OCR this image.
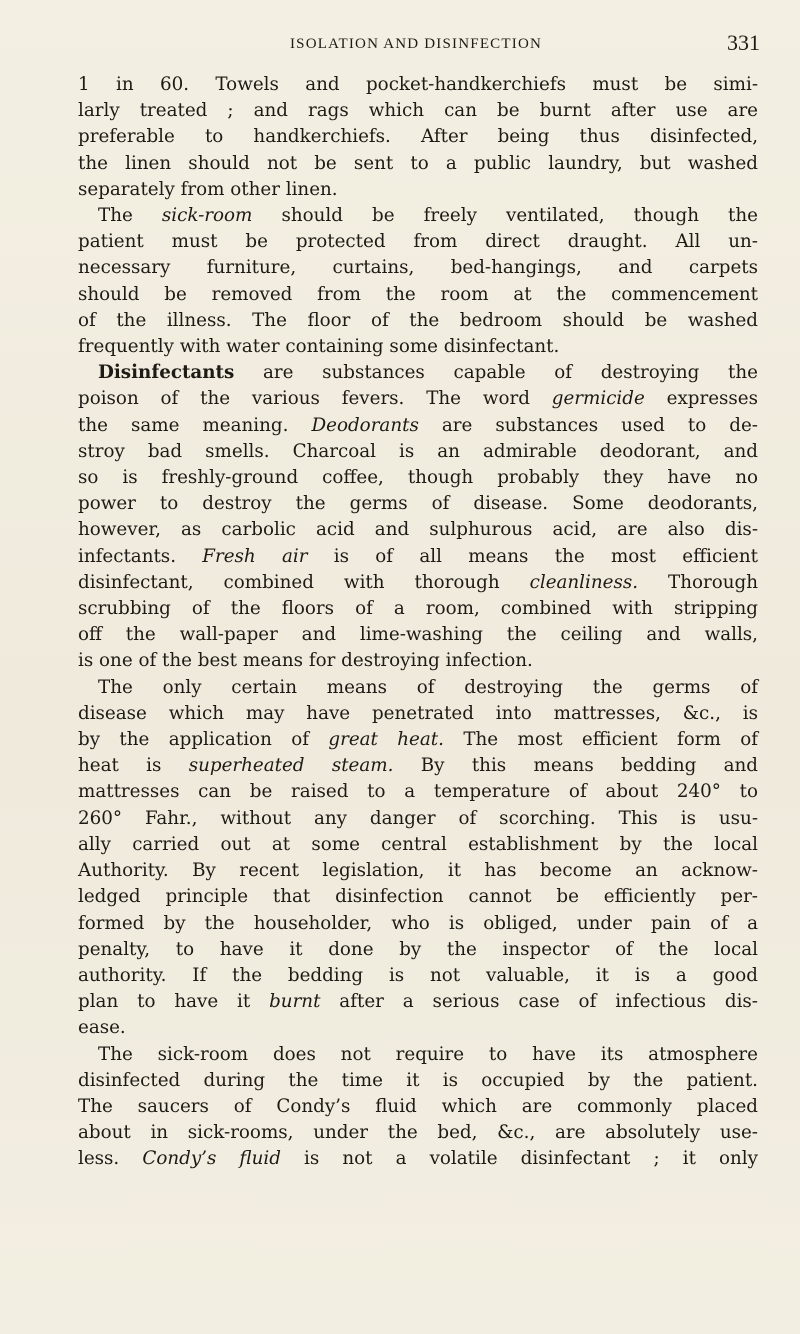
ISOLATION AND DISINFECTION	331
1 in 60. Towels and pocket-handkerchiefs must be simi-
larly treated ; and rags which can be burnt after use are
preferable to handkerchiefs. After being thus disinfected,
the linen should not be sent to a public laundry, but washed
separately from other linen.
The sick-room should be freely ventilated, though the
patient must be protected from direct draught. All un-
necessary furniture, curtains, bed-hangings, and carpets
should be removed from the room at the commencement
of the illness. The floor of the bedroom should be washed
frequently with water containing some disinfectant.
Disinfectants are substances capable of destroying the
poison of the various fevers. The word germicide expresses
the same meaning. Deodorants are substances used to de-
stroy bad smells. Charcoal is an admirable deodorant, and
so is freshly-ground coffee, though probably they have no
power to destroy the germs of disease. Some deodorants,
however, as carbolic acid and sulphurous acid, are also dis-
infectants. Fresh air is of all means the most efficient
disinfectant, combined with thorough cleanliness. Thorough
scrubbing of the floors of a room, combined with stripping
off the wall-paper and lime-washing the ceiling and walls,
is one of the best means for destroying infection.
The only certain means of destroying the germs of
disease which may have penetrated into mattresses, &c., is
by the application of great heat. The most efficient form of
heat is superheated steam. By this means bedding and
mattresses can be raised to a temperature of about 240° to
260° Fahr., without any danger of scorching. This is usu-
ally carried out at some central establishment by the local
Authority. By recent legislation, it has become an acknow-
ledged principle that disinfection cannot be efficiently per-
formed by the householder, who is obliged, under pain of a
penalty, to have it done by the inspector of the local
authority. If the bedding is not valuable, it is a good
plan to have it burnt after a serious case of infectious dis-
ease.
The sick-room does not require to have its atmosphere
disinfected during the time it is occupied by the patient.
The saucers of Condy’s fluid which are commonly placed
about in sick-rooms, under the bed, &c., are absolutely use-
less. Condy’s fluid is not a volatile disinfectant ; it only
